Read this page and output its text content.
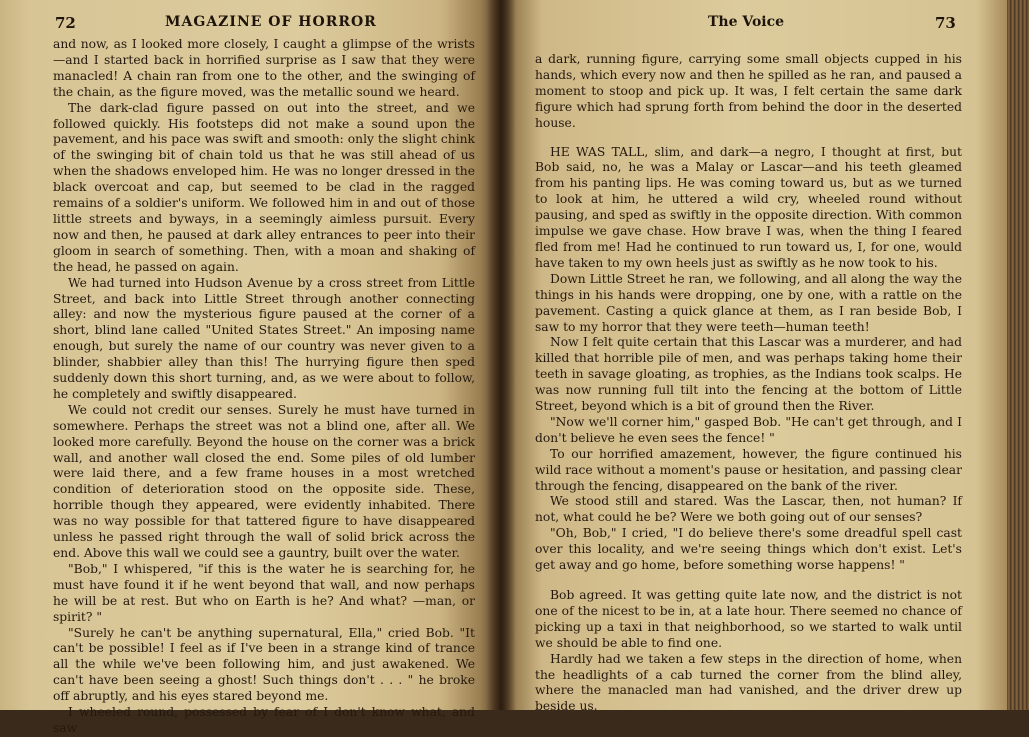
72	MAGAZINE OF HORROR

and now, as I looked more closely, I caught a glimpse of the wrists—and I started back in horrified surprise as I saw that they were manacled! A chain ran from one to the other, and the swinging of the chain, as the figure moved, was the metallic sound we heard.

The dark-clad figure passed on out into the street, and we followed quickly. His footsteps did not make a sound upon the pavement, and his pace was swift and smooth: only the slight chink of the swinging bit of chain told us that he was still ahead of us when the shadows enveloped him. He was no longer dressed in the black overcoat and cap, but seemed to be clad in the ragged remains of a soldier's uniform. We followed him in and out of those little streets and byways, in a seemingly aimless pursuit. Every now and then, he paused at dark alley entrances to peer into their gloom in search of something. Then, with a moan and shaking of the head, he passed on again.

We had turned into Hudson Avenue by a cross street from Little Street, and back into Little Street through another connecting alley: and now the mysterious figure paused at the corner of a short, blind lane called "United States Street." An imposing name enough, but surely the name of our country was never given to a blinder, shabbier alley than this! The hurrying figure then sped suddenly down this short turning, and, as we were about to follow, he completely and swiftly disappeared.

We could not credit our senses. Surely he must have turned in somewhere. Perhaps the street was not a blind one, after all. We looked more carefully. Beyond the house on the corner was a brick wall, and another wall closed the end. Some piles of old lumber were laid there, and a few frame houses in a most wretched condition of deterioration stood on the opposite side. These, horrible though they appeared, were evidently inhabited. There was no way possible for that tattered figure to have disappeared unless he passed right through the wall of solid brick across the end. Above this wall we could see a gauntry, built over the water.

"Bob," I whispered, "if this is the water he is searching for, he must have found it if he went beyond that wall, and now perhaps he will be at rest. But who on Earth is he? And what? —man, or spirit? "

"Surely he can't be anything supernatural, Ella," cried Bob. "It can't be possible! I feel as if I've been in a strange kind of trance all the while we've been following him, and just awakened. We can't have been seeing a ghost! Such things don't . . . " he broke off abruptly, and his eyes stared beyond me.

I wheeled round, possessed by fear of I don't know what, and saw

The Voice	73

a dark, running figure, carrying some small objects cupped in his hands, which every now and then he spilled as he ran, and paused a moment to stoop and pick up. It was, I felt certain the same dark figure which had sprung forth from behind the door in the deserted house.

HE WAS TALL, slim, and dark—a negro, I thought at first, but Bob said, no, he was a Malay or Lascar—and his teeth gleamed from his panting lips. He was coming toward us, but as we turned to look at him, he uttered a wild cry, wheeled round without pausing, and sped as swiftly in the opposite direction. With common impulse we gave chase. How brave I was, when the thing I feared fled from me! Had he continued to run toward us, I, for one, would have taken to my own heels just as swiftly as he now took to his.

Down Little Street he ran, we following, and all along the way the things in his hands were dropping, one by one, with a rattle on the pavement. Casting a quick glance at them, as I ran beside Bob, I saw to my horror that they were teeth—human teeth!

Now I felt quite certain that this Lascar was a murderer, and had killed that horrible pile of men, and was perhaps taking home their teeth in savage gloating, as trophies, as the Indians took scalps. He was now running full tilt into the fencing at the bottom of Little Street, beyond which is a bit of ground then the River.

"Now we'll corner him," gasped Bob. "He can't get through, and I don't believe he even sees the fence! "

To our horrified amazement, however, the figure continued his wild race without a moment's pause or hesitation, and passing clear through the fencing, disappeared on the bank of the river.

We stood still and stared. Was the Lascar, then, not human? If not, what could he be? Were we both going out of our senses?

"Oh, Bob," I cried, "I do believe there's some dreadful spell cast over this locality, and we're seeing things which don't exist. Let's get away and go home, before something worse happens! "

Bob agreed. It was getting quite late now, and the district is not one of the nicest to be in, at a late hour. There seemed no chance of picking up a taxi in that neighborhood, so we started to walk until we should be able to find one.

Hardly had we taken a few steps in the direction of home, when the headlights of a cab turned the corner from the blind alley, where the manacled man had vanished, and the driver drew up beside us.
